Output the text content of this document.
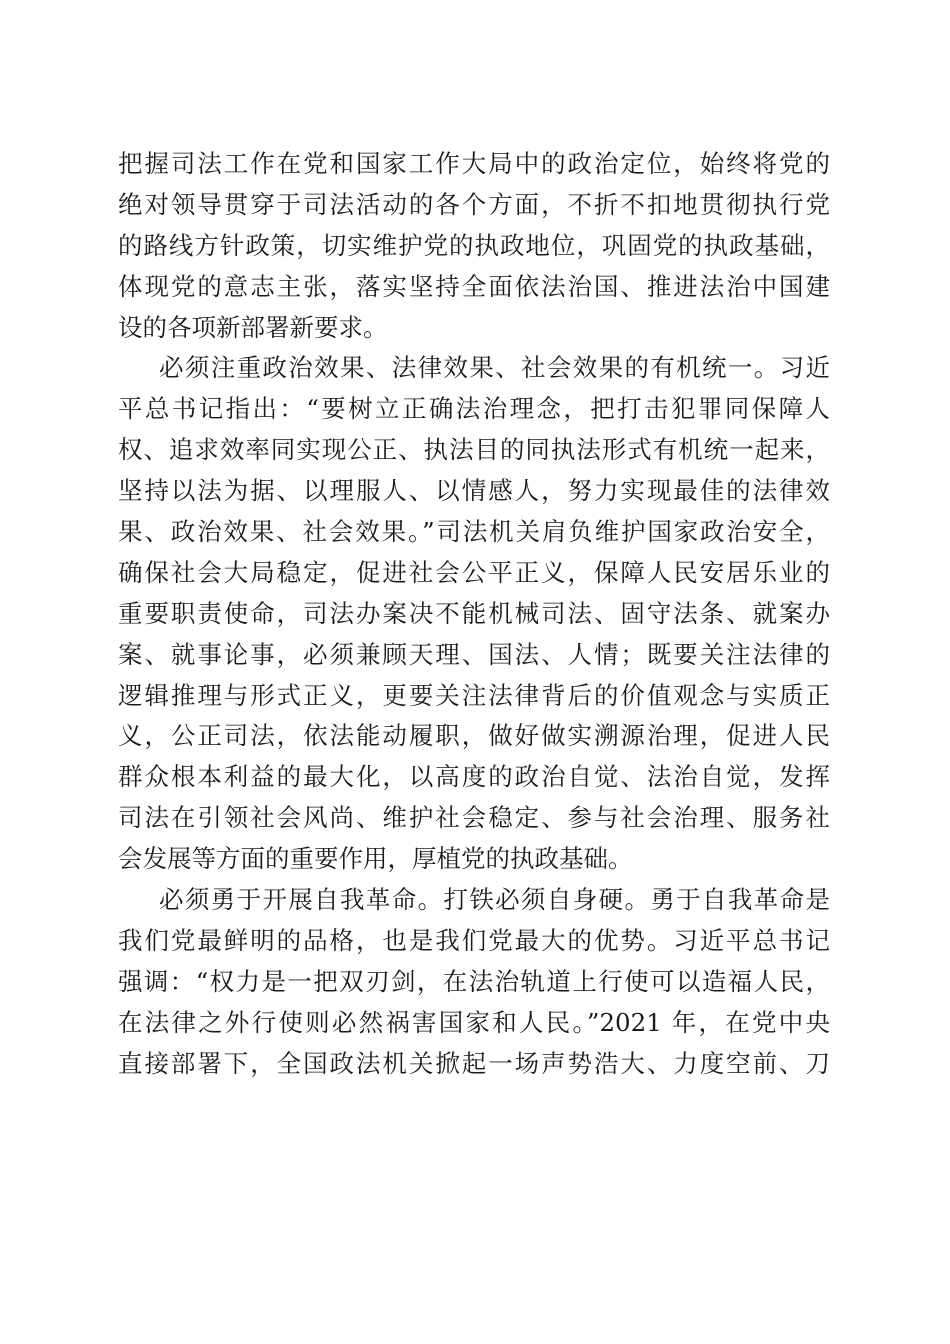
把握司法工作在党和国家工作大局中的政治定位，始终将党的
绝对领导贯穿于司法活动的各个方面，不折不扣地贯彻执行党
的路线方针政策，切实维护党的执政地位，巩固党的执政基础，
体现党的意志主张，落实坚持全面依法治国、推进法治中国建
设的各项新部署新要求。
必须注重政治效果、法律效果、社会效果的有机统一。习近
平总书记指出：“要树立正确法治理念，把打击犯罪同保障人
权、追求效率同实现公正、执法目的同执法形式有机统一起来，
坚持以法为据、以理服人、以情感人，努力实现最佳的法律效
果、政治效果、社会效果。”司法机关肩负维护国家政治安全，
确保社会大局稳定，促进社会公平正义，保障人民安居乐业的
重要职责使命，司法办案决不能机械司法、固守法条、就案办
案、就事论事，必须兼顾天理、国法、人情；既要关注法律的
逻辑推理与形式正义，更要关注法律背后的价值观念与实质正
义，公正司法，依法能动履职，做好做实溯源治理，促进人民
群众根本利益的最大化，以高度的政治自觉、法治自觉，发挥
司法在引领社会风尚、维护社会稳定、参与社会治理、服务社
会发展等方面的重要作用，厚植党的执政基础。
必须勇于开展自我革命。打铁必须自身硬。勇于自我革命是
我们党最鲜明的品格，也是我们党最大的优势。习近平总书记
强调：“权力是一把双刃剑，在法治轨道上行使可以造福人民，
在法律之外行使则必然祸害国家和人民。”2021 年，在党中央
直接部署下，全国政法机关掀起一场声势浩大、力度空前、刀
